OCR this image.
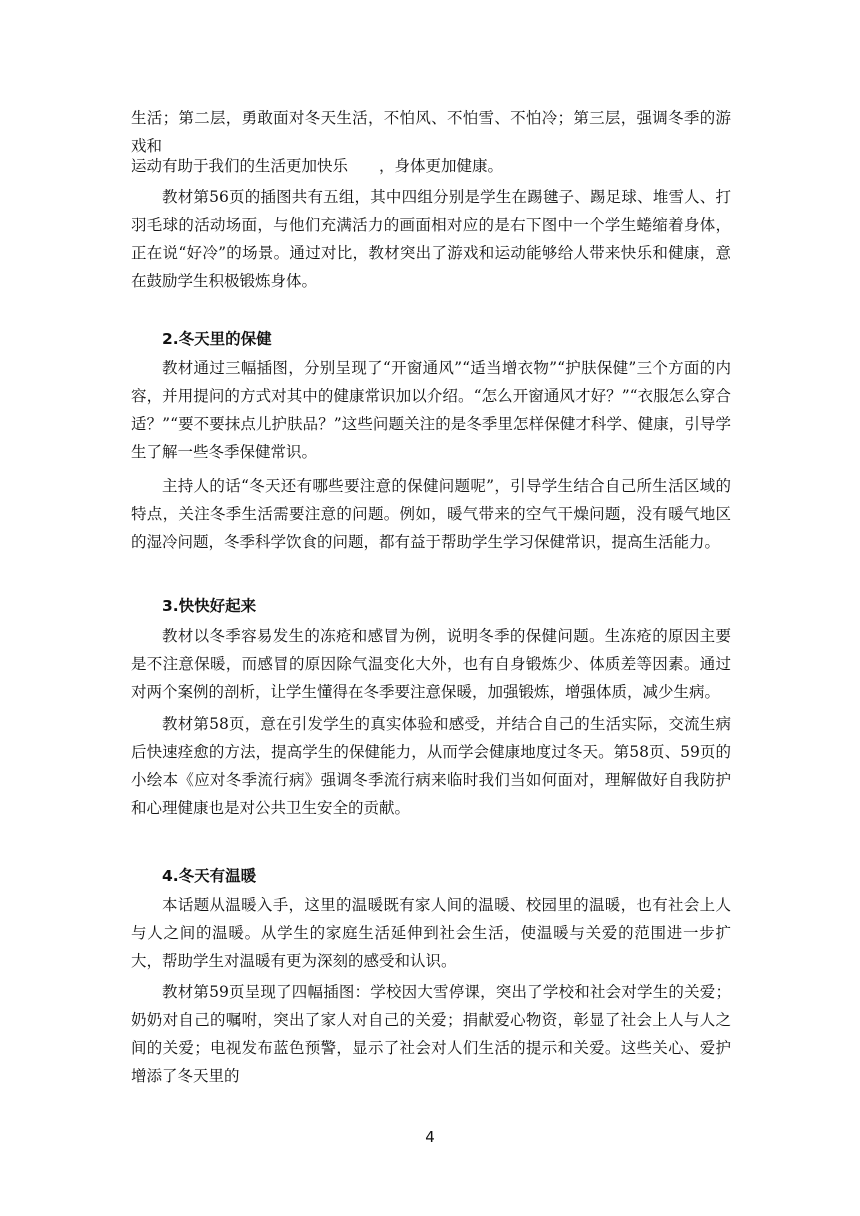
生活；第二层，勇敢面对冬天生活，不怕风、不怕雪、不怕冷；第三层，强调冬季的游戏和

运动有助于我们的生活更加快乐　　，身体更加健康。

教材第56页的插图共有五组，其中四组分别是学生在踢毽子、踢足球、堆雪人、打羽毛球的活动场面，与他们充满活力的画面相对应的是右下图中一个学生蜷缩着身体，正在说“好冷”的场景。通过对比，教材突出了游戏和运动能够给人带来快乐和健康，意在鼓励学生积极锻炼身体。

2.冬天里的保健

教材通过三幅插图，分别呈现了“开窗通风”“适当增衣物”“护肤保健”三个方面的内容，并用提问的方式对其中的健康常识加以介绍。“怎么开窗通风才好？”“衣服怎么穿合适？”“要不要抹点儿护肤品？”这些问题关注的是冬季里怎样保健才科学、健康，引导学生了解一些冬季保健常识。

主持人的话“冬天还有哪些要注意的保健问题呢”，引导学生结合自己所生活区域的特点，关注冬季生活需要注意的问题。例如，暖气带来的空气干燥问题，没有暖气地区的湿冷问题，冬季科学饮食的问题，都有益于帮助学生学习保健常识，提高生活能力。

3.快快好起来

教材以冬季容易发生的冻疮和感冒为例，说明冬季的保健问题。生冻疮的原因主要是不注意保暖，而感冒的原因除气温变化大外，也有自身锻炼少、体质差等因素。通过对两个案例的剖析，让学生懂得在冬季要注意保暖，加强锻炼，增强体质，减少生病。

教材第58页，意在引发学生的真实体验和感受，并结合自己的生活实际，交流生病后快速痊愈的方法，提高学生的保健能力，从而学会健康地度过冬天。第58页、59页的小绘本《应对冬季流行病》强调冬季流行病来临时我们当如何面对，理解做好自我防护和心理健康也是对公共卫生安全的贡献。

4.冬天有温暖

本话题从温暖入手，这里的温暖既有家人间的温暖、校园里的温暖，也有社会上人与人之间的温暖。从学生的家庭生活延伸到社会生活，使温暖与关爱的范围进一步扩大，帮助学生对温暖有更为深刻的感受和认识。

教材第59页呈现了四幅插图：学校因大雪停课，突出了学校和社会对学生的关爱；奶奶对自己的嘱咐，突出了家人对自己的关爱；捐献爱心物资，彰显了社会上人与人之间的关爱；电视发布蓝色预警，显示了社会对人们生活的提示和关爱。这些关心、爱护增添了冬天里的

4
